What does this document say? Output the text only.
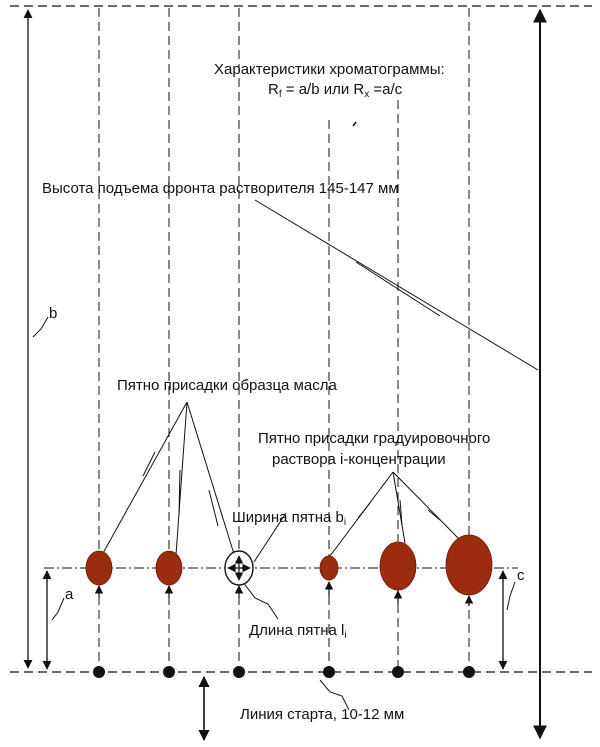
Характеристики хроматограммы:
$R_f = a/b$ или $R_x =a/c$
Высота подъема фронта растворителя 145-147 мм
Пятно присадки образца масла
Пятно присадки градуировочного
раствора i-концентрации
Ширина пятна $b_i$
Длина пятна $l_i$
Линия старта, 10-12 мм
a
b
c
